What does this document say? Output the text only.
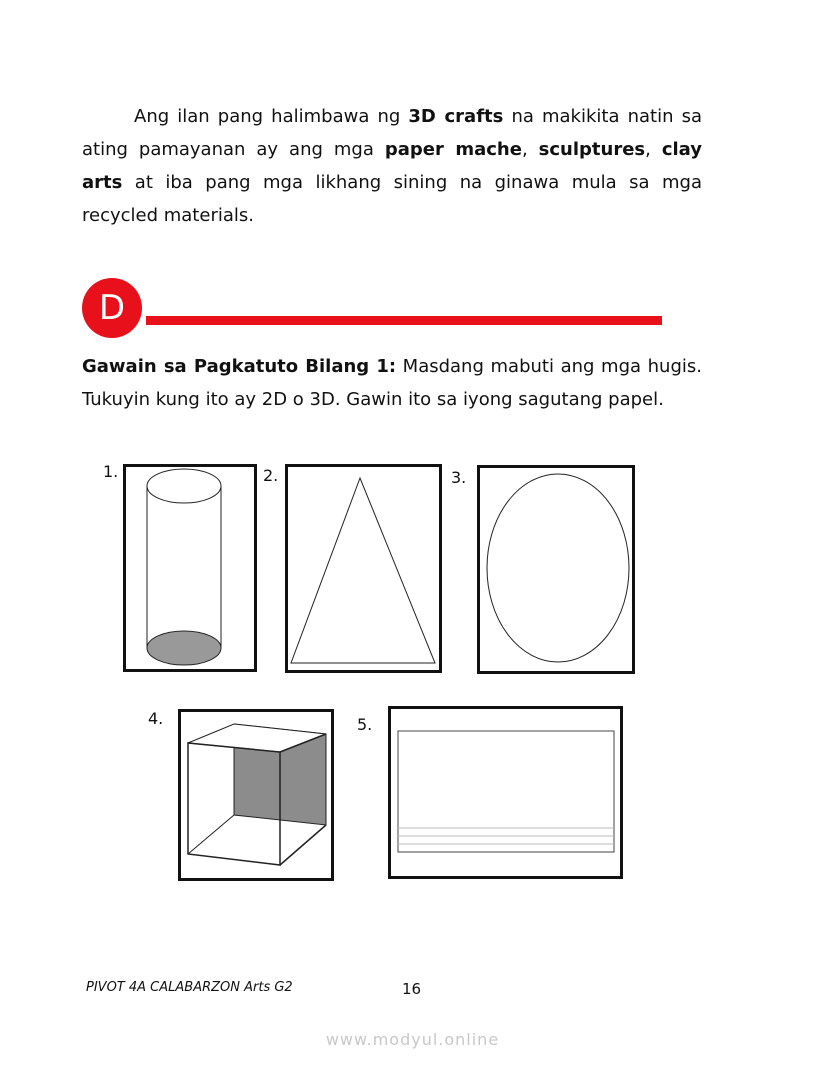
Ang ilan pang halimbawa ng 3D crafts na makikita natin sa ating pamayanan ay ang mga paper mache, sculptures, clay arts at iba pang mga likhang sining na ginawa mula sa mga recycled materials.

D

Gawain sa Pagkatuto Bilang 1: Masdang mabuti ang mga hugis. Tukuyin kung ito ay 2D o 3D. Gawin ito sa iyong sagutang papel.

1.	2.	3.
4.	5.
PIVOT 4A CALABARZON Arts G2	16
www.modyul.online
